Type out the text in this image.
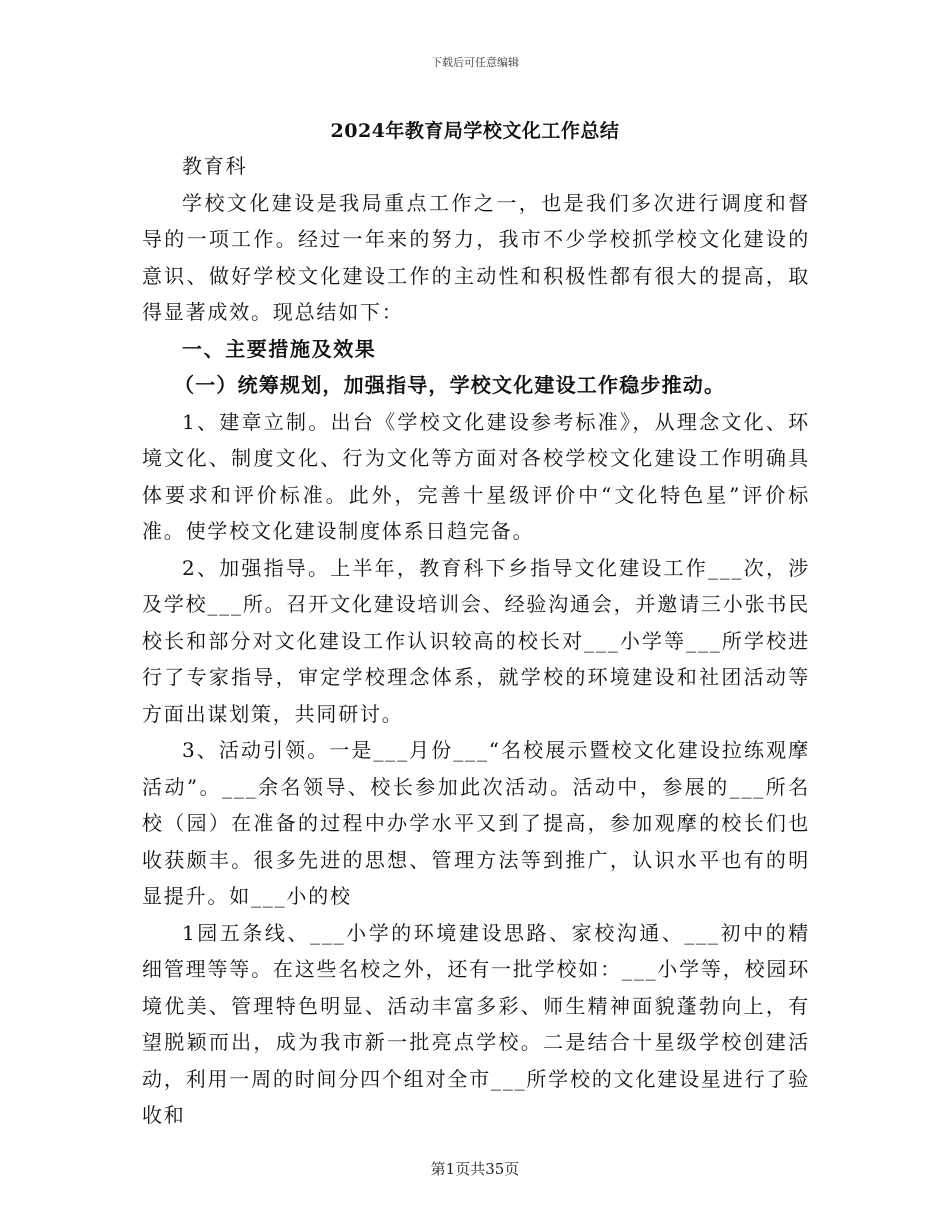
下载后可任意编辑
2024年教育局学校文化工作总结

教育科

学校文化建设是我局重点工作之一，也是我们多次进行调度和督导的一项工作。经过一年来的努力，我市不少学校抓学校文化建设的意识、做好学校文化建设工作的主动性和积极性都有很大的提高，取得显著成效。现总结如下：

一、主要措施及效果

（一）统筹规划，加强指导，学校文化建设工作稳步推动。

1、建章立制。出台《学校文化建设参考标准》，从理念文化、环境文化、制度文化、行为文化等方面对各校学校文化建设工作明确具体要求和评价标准。此外，完善十星级评价中“文化特色星”评价标准。使学校文化建设制度体系日趋完备。

2、加强指导。上半年，教育科下乡指导文化建设工作___次，涉及学校___所。召开文化建设培训会、经验沟通会，并邀请三小张书民校长和部分对文化建设工作认识较高的校长对___小学等___所学校进行了专家指导，审定学校理念体系，就学校的环境建设和社团活动等方面出谋划策，共同研讨。

3、活动引领。一是___月份___“名校展示暨校文化建设拉练观摩活动”。___余名领导、校长参加此次活动。活动中，参展的___所名校（园）在准备的过程中办学水平又到了提高，参加观摩的校长们也收获颇丰。很多先进的思想、管理方法等到推广，认识水平也有的明显提升。如___小的校

1园五条线、___小学的环境建设思路、家校沟通、___初中的精细管理等等。在这些名校之外，还有一批学校如：___小学等，校园环境优美、管理特色明显、活动丰富多彩、师生精神面貌蓬勃向上，有望脱颖而出，成为我市新一批亮点学校。二是结合十星级学校创建活动，利用一周的时间分四个组对全市___所学校的文化建设星进行了验收和

第1页共35页
